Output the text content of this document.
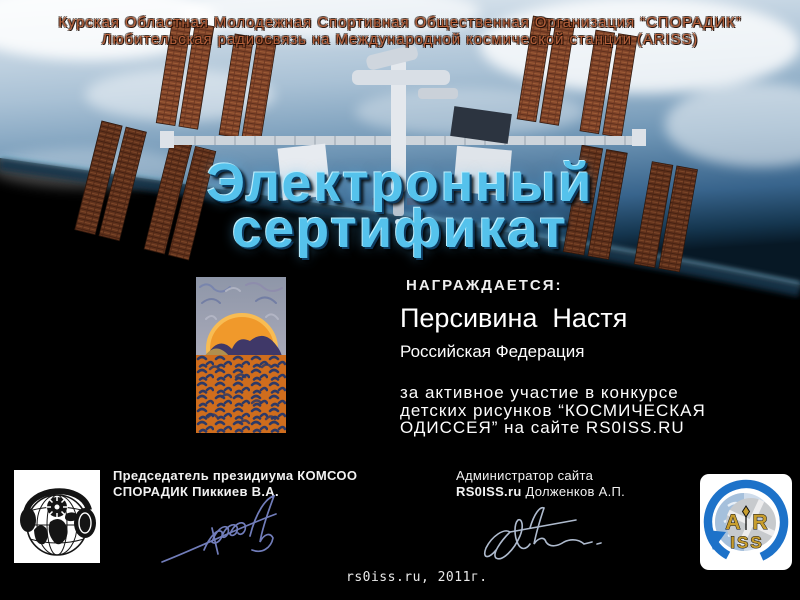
Курская Областная Молодежная Спортивная Общественная Организация “СПОРАДИК”
Любительская радиосвязь на Международной космической станции (ARISS)
Электронный
сертификат
НАГРАЖДАЕТСЯ:
Персивина  Настя
Российская Федерация
за активное участие в конкурсе
детских рисунков “КОСМИЧЕСКАЯ
ОДИССЕЯ” на сайте RS0ISS.RU
Председатель президиума КОМСОО
СПОРАДИК Пиккиев В.А.
Администратор сайта
RS0ISS.ru Долженков А.П.
A R
ISS
rs0iss.ru, 2011г.
